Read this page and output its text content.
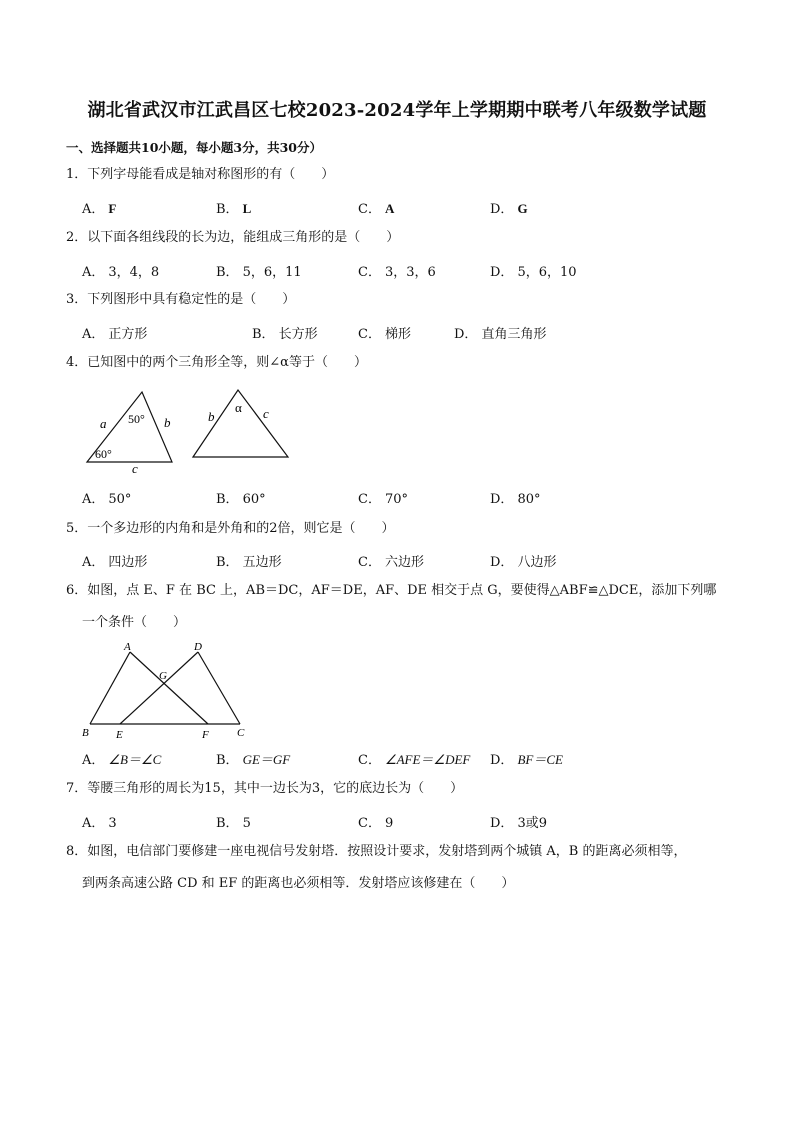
湖北省武汉市江武昌区七校2023-2024学年上学期期中联考八年级数学试题
一、选择题共10小题，每小题3分，共30分）
1．下列字母能看成是轴对称图形的有（　　）
A． F	B． L	C． A	D． G
2．以下面各组线段的长为边，能组成三角形的是（　　）
A． 3，4，8	B． 5，6，11	C． 3，3，6	D． 5，6，10
3．下列图形中具有稳定性的是（　　）
A． 正方形	B． 长方形	C． 梯形	D． 直角三角形
4．已知图中的两个三角形全等，则∠α等于（　　）
a	b
c
50°
60°
b	c
α
A． 50°	B． 60°	C． 70°	D． 80°
5．一个多边形的内角和是外角和的2倍，则它是（　　）
A． 四边形	B． 五边形	C． 六边形	D． 八边形
6．如图，点 E、F 在 BC 上，AB＝DC，AF＝DE，AF、DE 相交于点 G，要使得△ABF≌△DCE，添加下列哪
一个条件（　　）
A	D
G
B E	F	C
A． ∠B＝∠C	B． GE＝GF	C． ∠AFE＝∠DEF D． BF＝CE
7．等腰三角形的周长为15，其中一边长为3，它的底边长为（　　）
A． 3	B． 5	C． 9	D． 3或9
8．如图，电信部门要修建一座电视信号发射塔．按照设计要求，发射塔到两个城镇 A，B 的距离必须相等，
到两条高速公路 CD 和 EF 的距离也必须相等．发射塔应该修建在（　　）
